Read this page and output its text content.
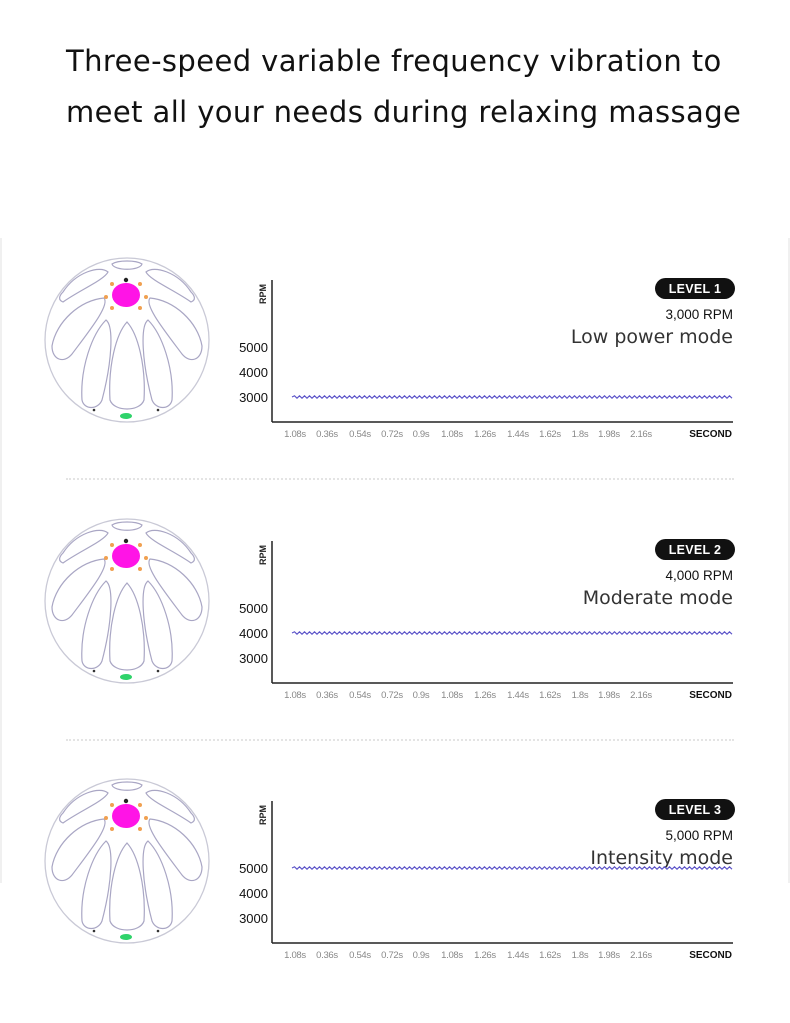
Three-speed variable frequency vibration to
meet all your needs during relaxing massage
RPM
5000
4000
3000
1.08s 0.36s 0.54s 0.72s 0.9s 1.08s 1.26s 1.44s 1.62s 1.8s 1.98s 2.16s	SECOND
LEVEL 1
3,000 RPM
Low power mode
RPM
5000
4000
3000
1.08s 0.36s 0.54s 0.72s 0.9s 1.08s 1.26s 1.44s 1.62s 1.8s 1.98s 2.16s	SECOND
LEVEL 2
4,000 RPM
Moderate mode
RPM
5000
4000
3000
1.08s 0.36s 0.54s 0.72s 0.9s 1.08s 1.26s 1.44s 1.62s 1.8s 1.98s 2.16s	SECOND
LEVEL 3
5,000 RPM
Intensity mode
